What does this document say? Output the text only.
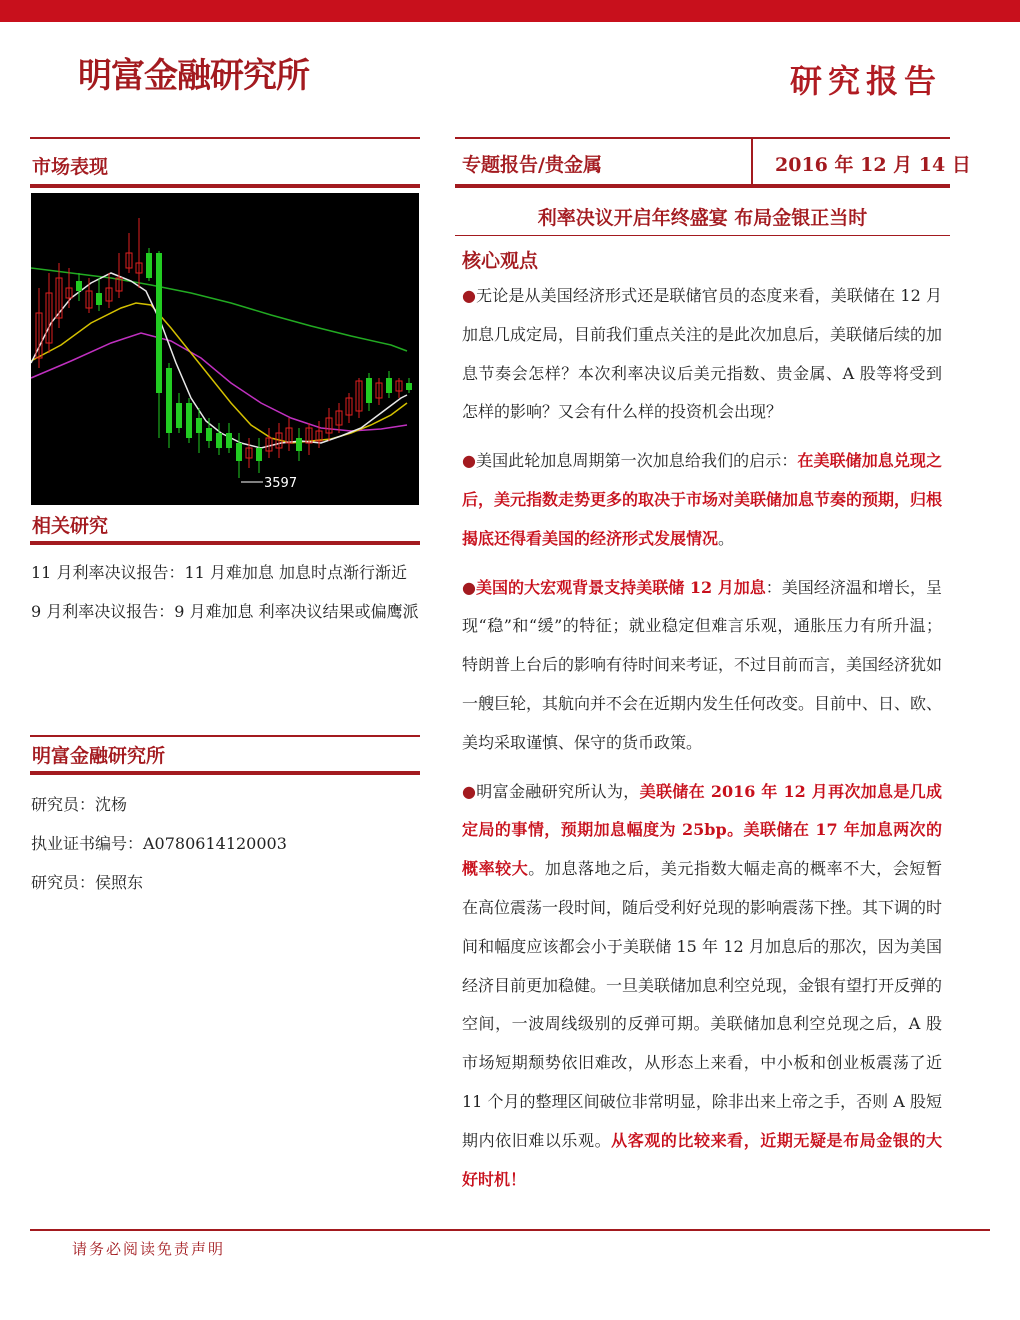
明富金融研究所	研究报告
市场表现
3597
相关研究

11 月利率决议报告：11 月难加息 加息时点渐行渐近

9 月利率决议报告：9 月难加息 利率决议结果或偏鹰派

明富金融研究所

研究员：沈杨

执业证书编号：A0780614120003

研究员：侯照东

专题报告/贵金属	2016 年 12 月 14 日
利率决议开启年终盛宴 布局金银正当时
核心观点

●无论是从美国经济形式还是联储官员的态度来看，美联储在 12 月加息几成定局，目前我们重点关注的是此次加息后，美联储后续的加息节奏会怎样？本次利率决议后美元指数、贵金属、A 股等将受到怎样的影响？又会有什么样的投资机会出现？

●美国此轮加息周期第一次加息给我们的启示：在美联储加息兑现之后，美元指数走势更多的取决于市场对美联储加息节奏的预期，归根揭底还得看美国的经济形式发展情况。

●美国的大宏观背景支持美联储 12 月加息：美国经济温和增长，呈现“稳”和“缓”的特征；就业稳定但难言乐观，通胀压力有所升温；特朗普上台后的影响有待时间来考证，不过目前而言，美国经济犹如一艘巨轮，其航向并不会在近期内发生任何改变。目前中、日、欧、美均采取谨慎、保守的货币政策。

●明富金融研究所认为，美联储在 2016 年 12 月再次加息是几成定局的事情，预期加息幅度为 25bp。美联储在 17 年加息两次的概率较大。加息落地之后，美元指数大幅走高的概率不大，会短暂在高位震荡一段时间，随后受利好兑现的影响震荡下挫。其下调的时间和幅度应该都会小于美联储 15 年 12 月加息后的那次，因为美国经济目前更加稳健。一旦美联储加息利空兑现，金银有望打开反弹的空间，一波周线级别的反弹可期。美联储加息利空兑现之后，A 股市场短期颓势依旧难改，从形态上来看，中小板和创业板震荡了近 11 个月的整理区间破位非常明显，除非出来上帝之手，否则 A 股短期内依旧难以乐观。从客观的比较来看，近期无疑是布局金银的大好时机！

请务必阅读免责声明
